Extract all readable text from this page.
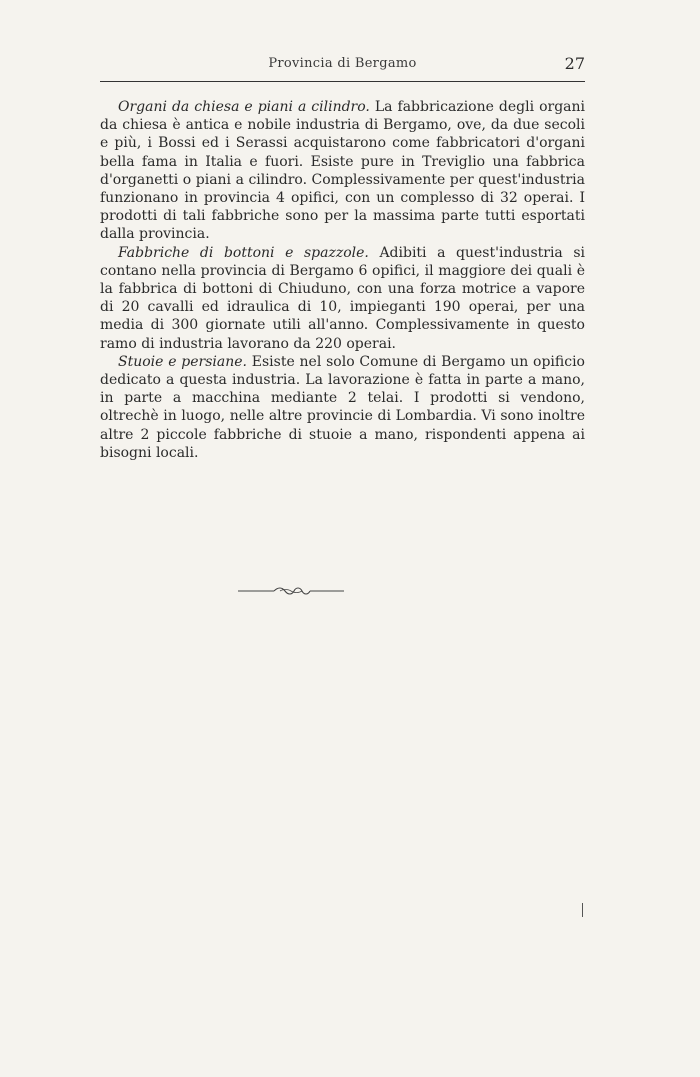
Provincia di Bergamo	27

Organi da chiesa e piani a cilindro. La fabbricazione degli organi da chiesa è antica e nobile industria di Bergamo, ove, da due secoli e più, i Bossi ed i Serassi acquistarono come fabbricatori d'organi bella fama in Italia e fuori. Esiste pure in Treviglio una fabbrica d'organetti o piani a cilindro. Complessivamente per quest'industria funzionano in provincia 4 opifici, con un complesso di 32 operai. I prodotti di tali fabbriche sono per la massima parte tutti esportati dalla provincia.

Fabbriche di bottoni e spazzole. Adibiti a quest'industria si contano nella provincia di Bergamo 6 opifici, il maggiore dei quali è la fabbrica di bottoni di Chiuduno, con una forza motrice a vapore di 20 cavalli ed idraulica di 10, impieganti 190 operai, per una media di 300 giornate utili all'anno. Complessivamente in questo ramo di industria lavorano da 220 operai.

Stuoie e persiane. Esiste nel solo Comune di Bergamo un opificio dedicato a questa industria. La lavorazione è fatta in parte a mano, in parte a macchina mediante 2 telai. I prodotti si vendono, oltrechè in luogo, nelle altre provincie di Lombardia. Vi sono inoltre altre 2 piccole fabbriche di stuoie a mano, rispondenti appena ai bisogni locali.
